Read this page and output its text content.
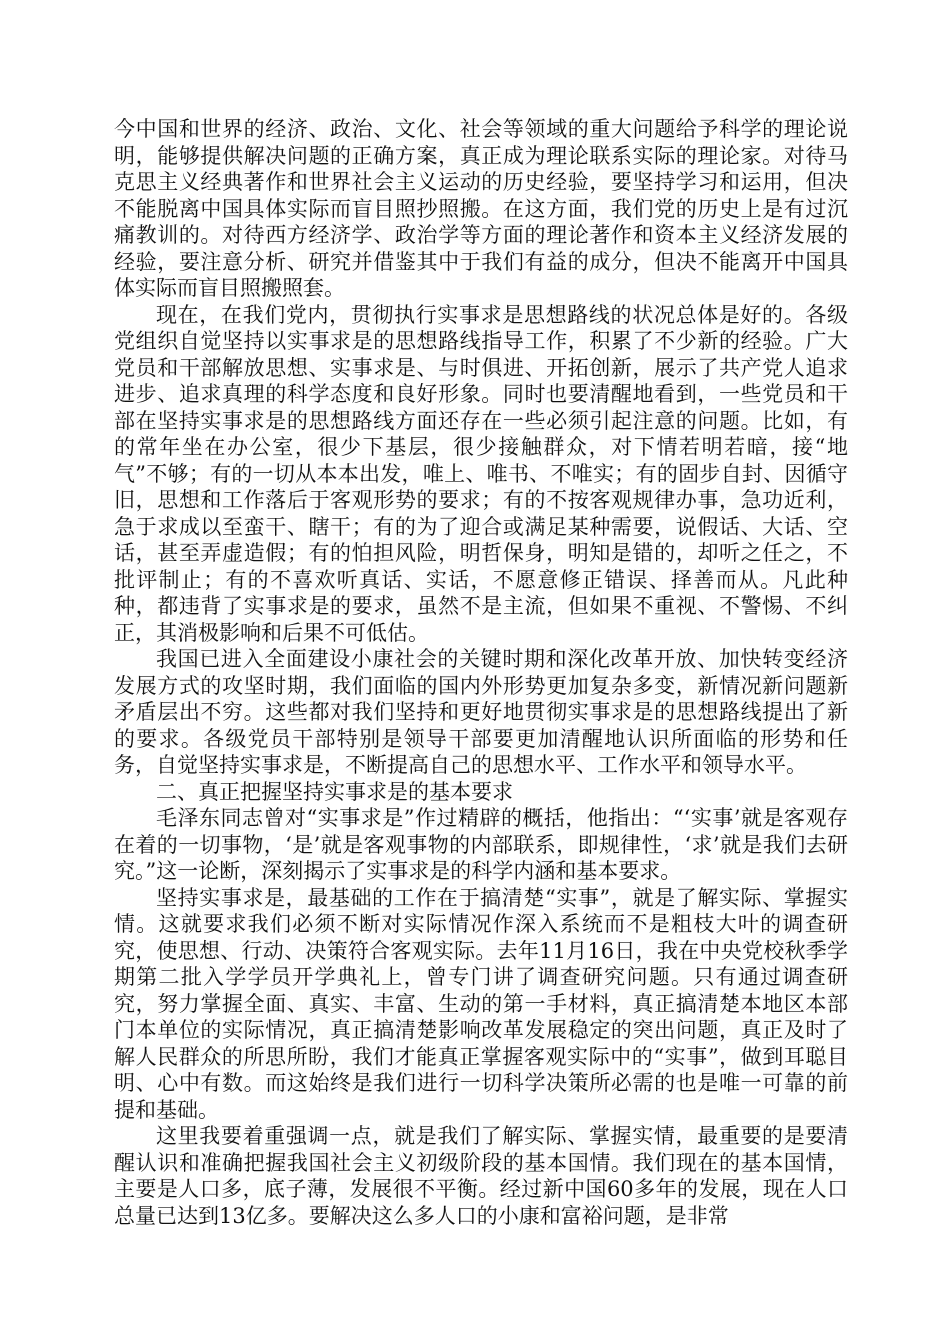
今中国和世界的经济、政治、文化、社会等领域的重大问题给予科学的理论说明，能够提供解决问题的正确方案，真正成为理论联系实际的理论家。对待马克思主义经典著作和世界社会主义运动的历史经验，要坚持学习和运用，但决不能脱离中国具体实际而盲目照抄照搬。在这方面，我们党的历史上是有过沉痛教训的。对待西方经济学、政治学等方面的理论著作和资本主义经济发展的经验，要注意分析、研究并借鉴其中于我们有益的成分，但决不能离开中国具体实际而盲目照搬照套。

现在，在我们党内，贯彻执行实事求是思想路线的状况总体是好的。各级党组织自觉坚持以实事求是的思想路线指导工作，积累了不少新的经验。广大党员和干部解放思想、实事求是、与时俱进、开拓创新，展示了共产党人追求进步、追求真理的科学态度和良好形象。同时也要清醒地看到，一些党员和干部在坚持实事求是的思想路线方面还存在一些必须引起注意的问题。比如，有的常年坐在办公室，很少下基层，很少接触群众，对下情若明若暗，接“地气”不够；有的一切从本本出发，唯上、唯书、不唯实；有的固步自封、因循守旧，思想和工作落后于客观形势的要求；有的不按客观规律办事，急功近利，急于求成以至蛮干、瞎干；有的为了迎合或满足某种需要，说假话、大话、空话，甚至弄虚造假；有的怕担风险，明哲保身，明知是错的，却听之任之，不批评制止；有的不喜欢听真话、实话，不愿意修正错误、择善而从。凡此种种，都违背了实事求是的要求，虽然不是主流，但如果不重视、不警惕、不纠正，其消极影响和后果不可低估。

我国已进入全面建设小康社会的关键时期和深化改革开放、加快转变经济发展方式的攻坚时期，我们面临的国内外形势更加复杂多变，新情况新问题新矛盾层出不穷。这些都对我们坚持和更好地贯彻实事求是的思想路线提出了新的要求。各级党员干部特别是领导干部要更加清醒地认识所面临的形势和任务，自觉坚持实事求是，不断提高自己的思想水平、工作水平和领导水平。

二、真正把握坚持实事求是的基本要求

毛泽东同志曾对“实事求是”作过精辟的概括，他指出：“‘实事’就是客观存在着的一切事物，‘是’就是客观事物的内部联系，即规律性，‘求’就是我们去研究。”这一论断，深刻揭示了实事求是的科学内涵和基本要求。

坚持实事求是，最基础的工作在于搞清楚“实事”，就是了解实际、掌握实情。这就要求我们必须不断对实际情况作深入系统而不是粗枝大叶的调查研究，使思想、行动、决策符合客观实际。去年11月16日，我在中央党校秋季学期第二批入学学员开学典礼上，曾专门讲了调查研究问题。只有通过调查研究，努力掌握全面、真实、丰富、生动的第一手材料，真正搞清楚本地区本部门本单位的实际情况，真正搞清楚影响改革发展稳定的突出问题，真正及时了解人民群众的所思所盼，我们才能真正掌握客观实际中的“实事”，做到耳聪目明、心中有数。而这始终是我们进行一切科学决策所必需的也是唯一可靠的前提和基础。

这里我要着重强调一点，就是我们了解实际、掌握实情，最重要的是要清醒认识和准确把握我国社会主义初级阶段的基本国情。我们现在的基本国情，主要是人口多，底子薄，发展很不平衡。经过新中国60多年的发展，现在人口总量已达到13亿多。要解决这么多人口的小康和富裕问题，是非常
